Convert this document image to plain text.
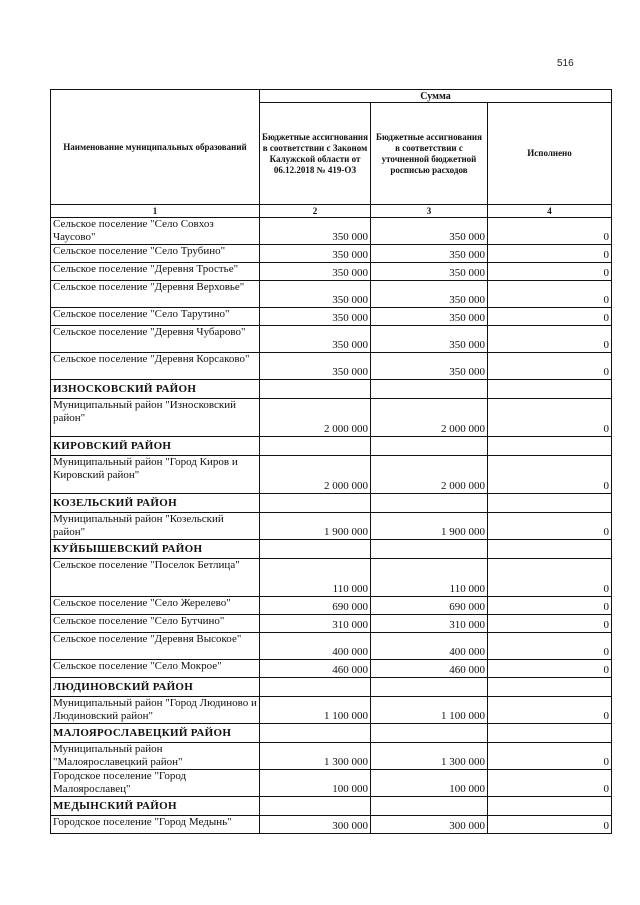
516
Наименование муниципальных образований	Сумма		
	Бюджетные ассигнования в соответствии с Законом Калужской области от 06.12.2018 № 419-ОЗ	Бюджетные ассигнования в соответствии с уточненной бюджетной росписью расходов	Исполнено
1	2	3	4
Сельское поселение "Село Совхоз Чаусово"	350 000	350 000	0
Сельское поселение "Село Трубино"	350 000	350 000	0
Сельское поселение "Деревня Тростье"	350 000	350 000	0
Сельское поселение "Деревня Верховье"	350 000	350 000	0
Сельское поселение "Село Тарутино"	350 000	350 000	0
Сельское поселение "Деревня Чубарово"	350 000	350 000	0
Сельское поселение "Деревня Корсаково"	350 000	350 000	0
ИЗНОСКОВСКИЙ РАЙОН			
Муниципальный район "Износковский район"	2 000 000	2 000 000	0
КИРОВСКИЙ РАЙОН			
Муниципальный район "Город Киров и Кировский район"	2 000 000	2 000 000	0
КОЗЕЛЬСКИЙ РАЙОН			
Муниципальный район "Козельский район"	1 900 000	1 900 000	0
КУЙБЫШЕВСКИЙ РАЙОН			
Сельское поселение "Поселок Бетлица"	110 000	110 000	0
Сельское поселение "Село Жерелево"	690 000	690 000	0
Сельское поселение "Село Бутчино"	310 000	310 000	0
Сельское поселение "Деревня Высокое"	400 000	400 000	0
Сельское поселение "Село Мокрое"	460 000	460 000	0
ЛЮДИНОВСКИЙ РАЙОН			
Муниципальный район "Город Людиново и Людиновский район"	1 100 000	1 100 000	0
МАЛОЯРОСЛАВЕЦКИЙ РАЙОН			
Муниципальный район "Малоярославецкий район"	1 300 000	1 300 000	0
Городское поселение "Город Малоярославец"	100 000	100 000	0
МЕДЫНСКИЙ РАЙОН			
Городское поселение "Город Медынь"	300 000	300 000	0
